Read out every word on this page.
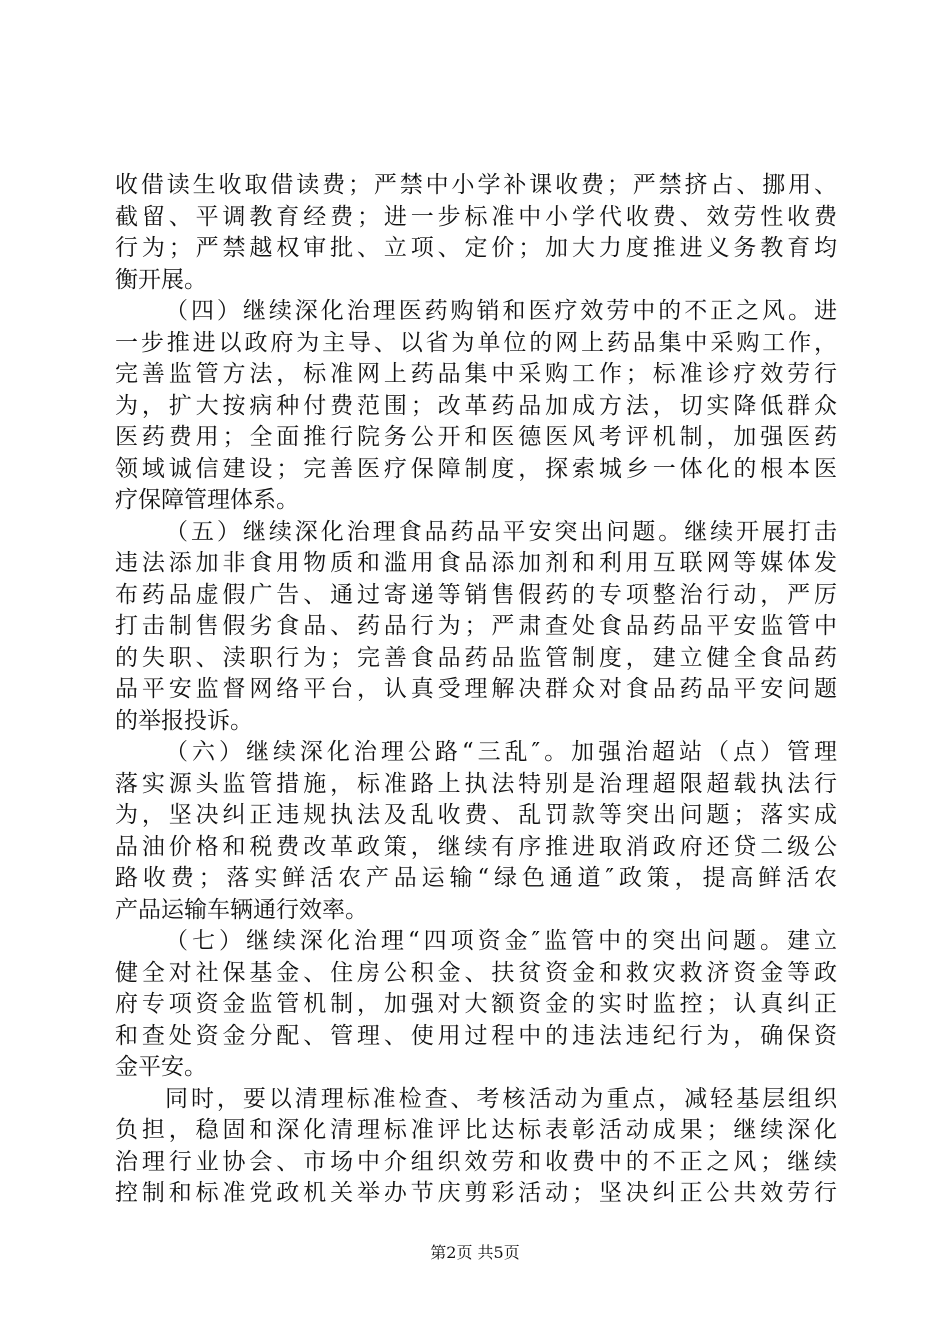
收借读生收取借读费；严禁中小学补课收费；严禁挤占、挪用、
截留、平调教育经费；进一步标准中小学代收费、效劳性收费
行为；严禁越权审批、立项、定价；加大力度推进义务教育均
衡开展。
（四）继续深化治理医药购销和医疗效劳中的不正之风。进
一步推进以政府为主导、以省为单位的网上药品集中采购工作，
完善监管方法，标准网上药品集中采购工作；标准诊疗效劳行
为，扩大按病种付费范围；改革药品加成方法，切实降低群众
医药费用；全面推行院务公开和医德医风考评机制，加强医药
领域诚信建设；完善医疗保障制度，探索城乡一体化的根本医
疗保障管理体系。
（五）继续深化治理食品药品平安突出问题。继续开展打击
违法添加非食用物质和滥用食品添加剂和利用互联网等媒体发
布药品虚假广告、通过寄递等销售假药的专项整治行动，严厉
打击制售假劣食品、药品行为；严肃查处食品药品平安监管中
的失职、渎职行为；完善食品药品监管制度，建立健全食品药
品平安监督网络平台，认真受理解决群众对食品药品平安问题
的举报投诉。
（六）继续深化治理公路“三乱″。加强治超站（点）管理
落实源头监管措施，标准路上执法特别是治理超限超载执法行
为，坚决纠正违规执法及乱收费、乱罚款等突出问题；落实成
品油价格和税费改革政策，继续有序推进取消政府还贷二级公
路收费；落实鲜活农产品运输“绿色通道″政策，提高鲜活农
产品运输车辆通行效率。
（七）继续深化治理“四项资金″监管中的突出问题。建立
健全对社保基金、住房公积金、扶贫资金和救灾救济资金等政
府专项资金监管机制，加强对大额资金的实时监控；认真纠正
和查处资金分配、管理、使用过程中的违法违纪行为，确保资
金平安。
同时，要以清理标准检查、考核活动为重点，减轻基层组织
负担，稳固和深化清理标准评比达标表彰活动成果；继续深化
治理行业协会、市场中介组织效劳和收费中的不正之风；继续
控制和标准党政机关举办节庆剪彩活动；坚决纠正公共效劳行
第2页 共5页
